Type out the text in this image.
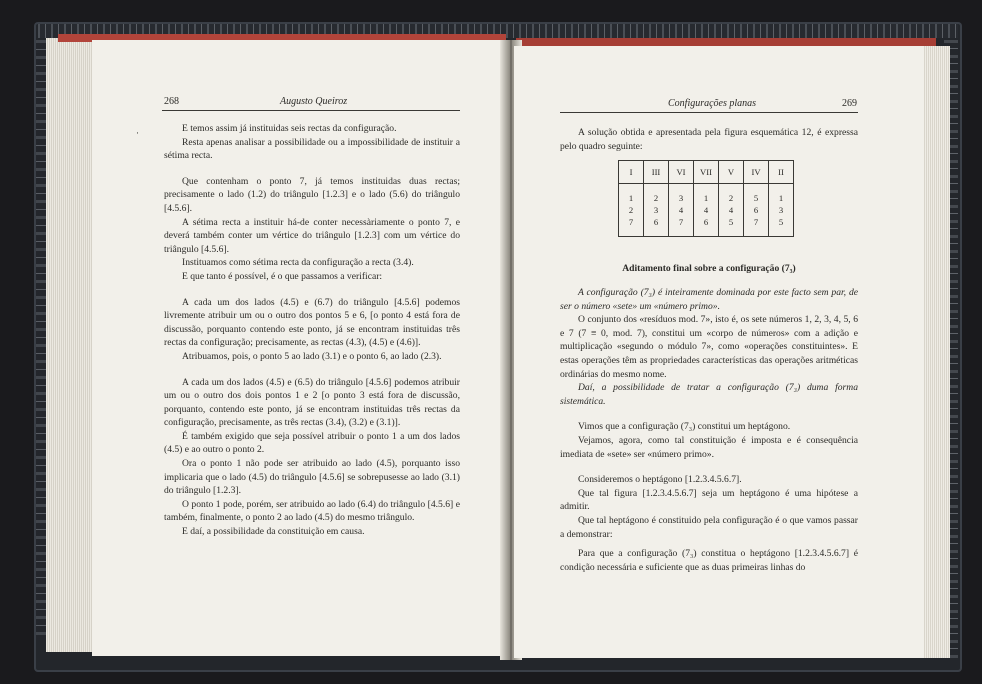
268	Augusto Queiroz
·	E temos assim já instituidas seis rectas da configuração.

Resta apenas analisar a possibilidade ou a impossibilidade de instituir a sétima recta.

Que contenham o ponto 7, já temos instituidas duas rectas; precisamente o lado (1.2) do triângulo [1.2.3] e o lado (5.6) do triângulo [4.5.6].

A sétima recta a instituir há-de conter necessàriamente o ponto 7, e deverá também conter um vértice do triângulo [1.2.3] com um vértice do triângulo [4.5.6].

Instituamos como sétima recta da configuração a recta (3.4).

E que tanto é possível, é o que passamos a verificar:

A cada um dos lados (4.5) e (6.7) do triângulo [4.5.6] podemos livremente atribuir um ou o outro dos pontos 5 e 6, [o ponto 4 está fora de discussão, porquanto contendo este ponto, já se encontram instituidas três rectas da configuração; precisamente, as rectas (4.3), (4.5) e (4.6)].

Atribuamos, pois, o ponto 5 ao lado (3.1) e o ponto 6, ao lado (2.3).

A cada um dos lados (4.5) e (6.5) do triângulo [4.5.6] podemos atribuir um ou o outro dos dois pontos 1 e 2 [o ponto 3 está fora de discussão, porquanto, contendo este ponto, já se encontram instituidas três rectas da configuração, precisamente, as três rectas (3.4), (3.2) e (3.1)].

É também exigido que seja possível atribuir o ponto 1 a um dos lados (4.5) e ao outro o ponto 2.

Ora o ponto 1 não pode ser atribuido ao lado (4.5), porquanto isso implicaria que o lado (4.5) do triângulo [4.5.6] se sobrepusesse ao lado (3.1) do triângulo [1.2.3].

O ponto 1 pode, porém, ser atribuido ao lado (6.4) do triângulo [4.5.6] e também, finalmente, o ponto 2 ao lado (4.5) do mesmo triângulo.

E daí, a possibilidade da constituição em causa.

Configurações planas	269

A solução obtida e apresentada pela figura esquemática 12, é expressa pelo quadro seguinte:

I	III	VI	VII	V	IV	II
1	2	3	1	2	5	1
2	3	4	4	4	6	3
7	6	7	6	5	7	5
Aditamento final sobre a configuração (7₃)

A configuração (7₃) é inteiramente dominada por este facto sem par, de ser o número «sete» um «número primo».

O conjunto dos «resíduos mod. 7», isto é, os sete números 1, 2, 3, 4, 5, 6 e 7 (7 ≡ 0, mod. 7), constitui um «corpo de números» com a adição e multiplicação «segundo o módulo 7», como «operações constituintes». E estas operações têm as propriedades características das operações aritméticas ordinárias do mesmo nome.

Daí, a possibilidade de tratar a configuração (7₃) duma forma sistemática.

Vimos que a configuração (7₃) constitui um heptágono.

Vejamos, agora, como tal constituição é imposta e é consequência imediata de «sete» ser «número primo».

Consideremos o heptágono [1.2.3.4.5.6.7].

Que tal figura [1.2.3.4.5.6.7] seja um heptágono é uma hipótese a admitir.

Que tal heptágono é constituido pela configuração é o que vamos passar a demonstrar:

Para que a configuração (7₃) constitua o heptágono [1.2.3.4.5.6.7] é condição necessária e suficiente que as duas primeiras linhas do
